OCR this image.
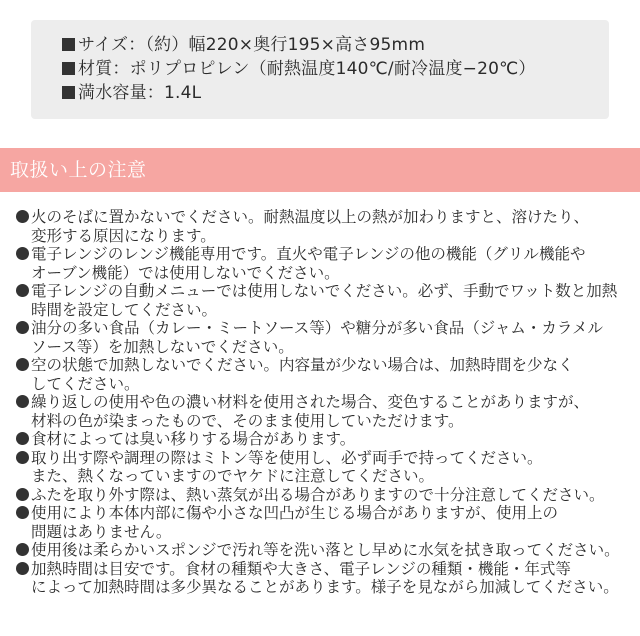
サイズ：（約）幅220×奥行195×高さ95mm
材質：ポリプロピレン（耐熱温度140℃/耐冷温度−20℃）
満水容量：1.4L
取扱い上の注意
火のそばに置かないでください。耐熱温度以上の熱が加わりますと、溶けたり、
変形する原因になります。
電子レンジのレンジ機能専用です。直火や電子レンジの他の機能（グリル機能や
オーブン機能）では使用しないでください。
電子レンジの自動メニューでは使用しないでください。必ず、手動でワット数と加熱
時間を設定してください。
油分の多い食品（カレー・ミートソース等）や糖分が多い食品（ジャム・カラメル
ソース等）を加熱しないでください。
空の状態で加熱しないでください。内容量が少ない場合は、加熱時間を少なく
してください。
繰り返しの使用や色の濃い材料を使用された場合、変色することがありますが、
材料の色が染まったもので、そのまま使用していただけます。
食材によっては臭い移りする場合があります。
取り出す際や調理の際はミトン等を使用し、必ず両手で持ってください。
また、熱くなっていますのでヤケドに注意してください。
ふたを取り外す際は、熱い蒸気が出る場合がありますので十分注意してください。
使用により本体内部に傷や小さな凹凸が生じる場合がありますが、使用上の
問題はありません。
使用後は柔らかいスポンジで汚れ等を洗い落とし早めに水気を拭き取ってください。
加熱時間は目安です。食材の種類や大きさ、電子レンジの種類・機能・年式等
によって加熱時間は多少異なることがあります。様子を見ながら加減してください。
